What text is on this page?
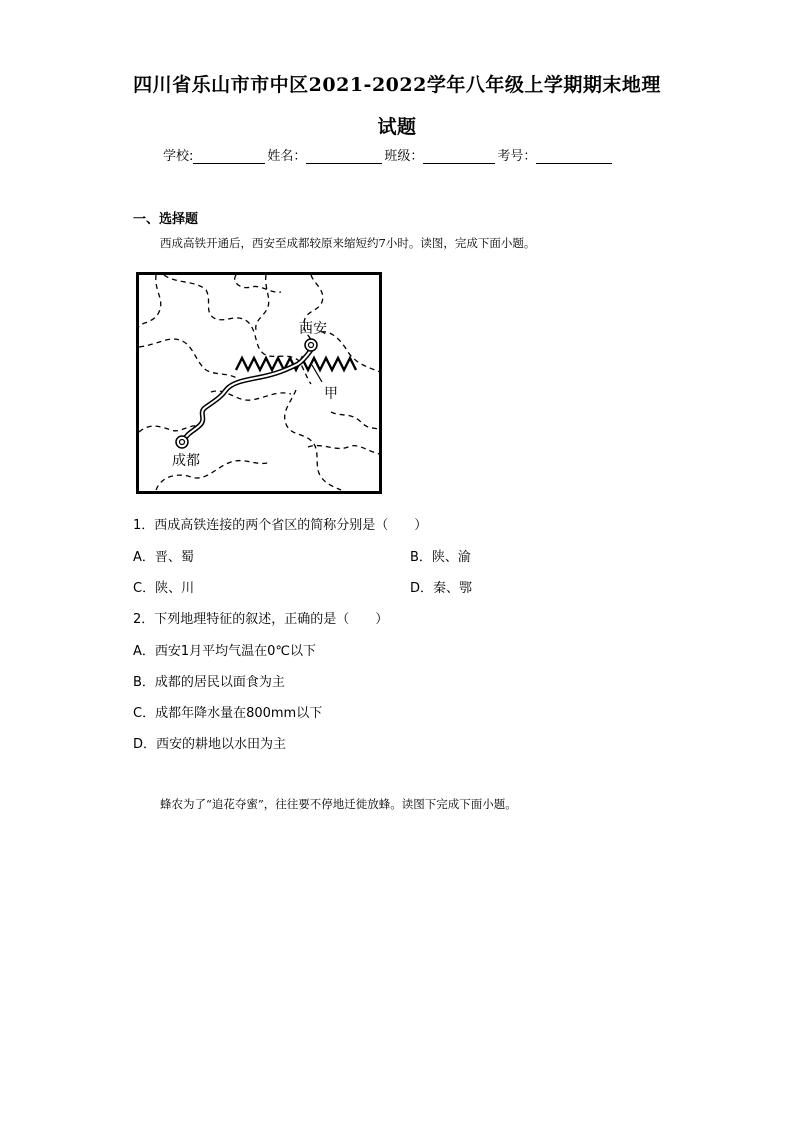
四川省乐山市市中区2021-2022学年八年级上学期期末地理
试题
学校:	姓名：	班级：	考号：
一、选择题
西成高铁开通后，西安至成都较原来缩短约7小时。读图，完成下面小题。
西安
甲
成都
1．西成高铁连接的两个省区的简称分别是（　　）
A．晋、蜀	B．陕、渝
C．陕、川	D．秦、鄂
2．下列地理特征的叙述，正确的是（　　）
A．西安1月平均气温在0℃以下
B．成都的居民以面食为主
C．成都年降水量在800mm以下
D．西安的耕地以水田为主
蜂农为了“追花夺蜜”，往往要不停地迁徙放蜂。读图下完成下面小题。
